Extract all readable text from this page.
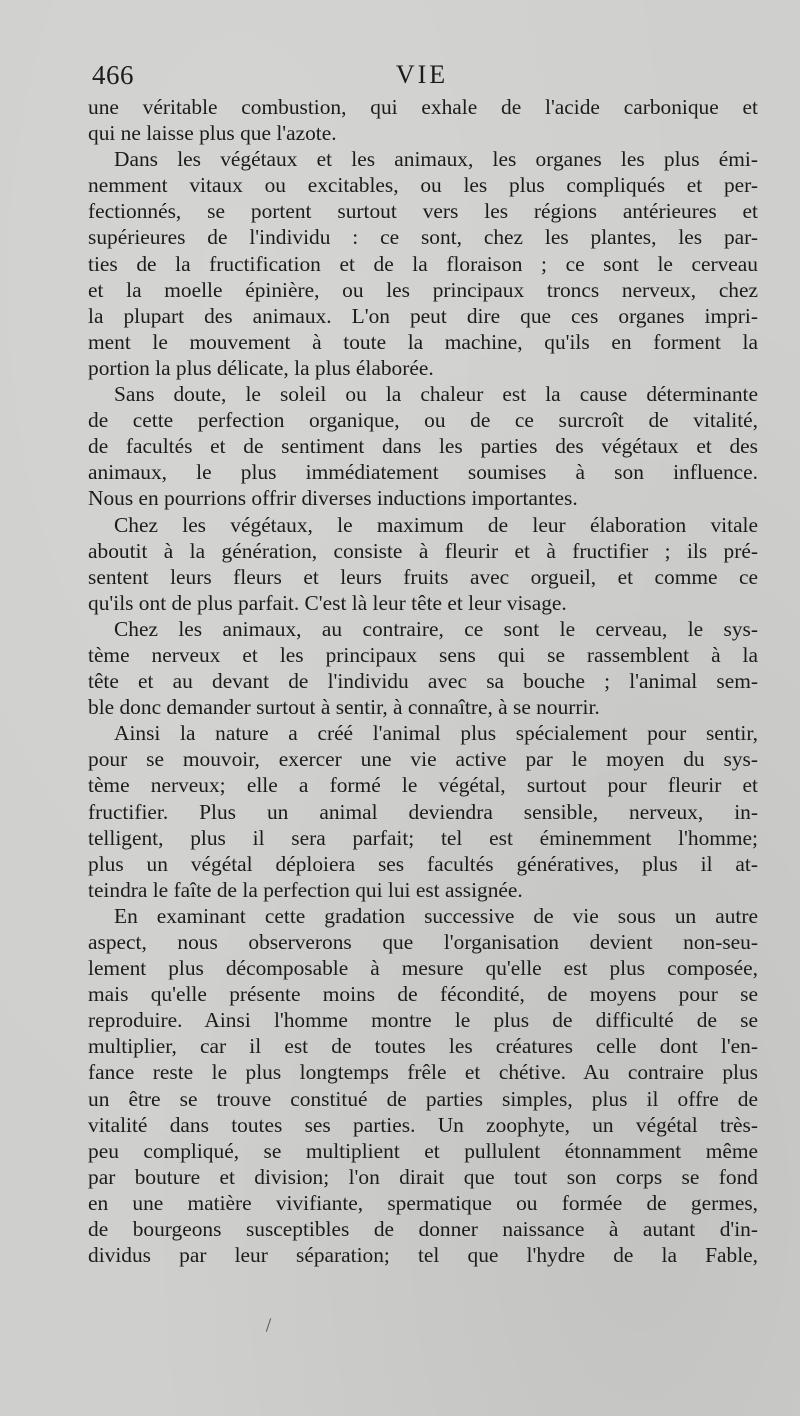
466	VIE
une véritable combustion, qui exhale de l'acide carbonique et
qui ne laisse plus que l'azote.
Dans les végétaux et les animaux, les organes les plus émi-
nemment vitaux ou excitables, ou les plus compliqués et per-
fectionnés, se portent surtout vers les régions antérieures et
supérieures de l'individu : ce sont, chez les plantes, les par-
ties de la fructification et de la floraison ; ce sont le cerveau
et la moelle épinière, ou les principaux troncs nerveux, chez
la plupart des animaux. L'on peut dire que ces organes impri-
ment le mouvement à toute la machine, qu'ils en forment la
portion la plus délicate, la plus élaborée.
Sans doute, le soleil ou la chaleur est la cause déterminante
de cette perfection organique, ou de ce surcroît de vitalité,
de facultés et de sentiment dans les parties des végétaux et des
animaux, le plus immédiatement soumises à son influence.
Nous en pourrions offrir diverses inductions importantes.
Chez les végétaux, le maximum de leur élaboration vitale
aboutit à la génération, consiste à fleurir et à fructifier ; ils pré-
sentent leurs fleurs et leurs fruits avec orgueil, et comme ce
qu'ils ont de plus parfait. C'est là leur tête et leur visage.
Chez les animaux, au contraire, ce sont le cerveau, le sys-
tème nerveux et les principaux sens qui se rassemblent à la
tête et au devant de l'individu avec sa bouche ; l'animal sem-
ble donc demander surtout à sentir, à connaître, à se nourrir.
Ainsi la nature a créé l'animal plus spécialement pour sentir,
pour se mouvoir, exercer une vie active par le moyen du sys-
tème nerveux; elle a formé le végétal, surtout pour fleurir et
fructifier. Plus un animal deviendra sensible, nerveux, in-
telligent, plus il sera parfait; tel est éminemment l'homme;
plus un végétal déploiera ses facultés génératives, plus il at-
teindra le faîte de la perfection qui lui est assignée.
En examinant cette gradation successive de vie sous un autre
aspect, nous observerons que l'organisation devient non-seu-
lement plus décomposable à mesure qu'elle est plus composée,
mais qu'elle présente moins de fécondité, de moyens pour se
reproduire. Ainsi l'homme montre le plus de difficulté de se
multiplier, car il est de toutes les créatures celle dont l'en-
fance reste le plus longtemps frêle et chétive. Au contraire plus
un être se trouve constitué de parties simples, plus il offre de
vitalité dans toutes ses parties. Un zoophyte, un végétal très-
peu compliqué, se multiplient et pullulent étonnamment même
par bouture et division; l'on dirait que tout son corps se fond
en une matière vivifiante, spermatique ou formée de germes,
de bourgeons susceptibles de donner naissance à autant d'in-
dividus par leur séparation; tel que l'hydre de la Fable,
